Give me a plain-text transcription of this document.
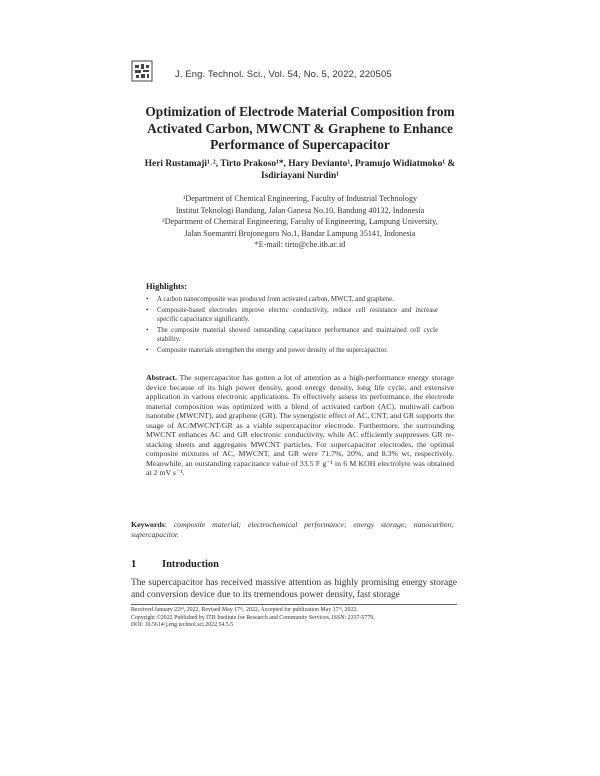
J. Eng. Technol. Sci., Vol. 54, No. 5, 2022, 220505
Optimization of Electrode Material Composition from
Activated Carbon, MWCNT & Graphene to Enhance
Performance of Supercapacitor
Heri Rustamaji¹˒², Tirto Prakoso¹*, Hary Devianto¹, Pramujo Widiatmoko¹ &
Isdiriayani Nurdin¹
¹Department of Chemical Engineering, Faculty of Industrial Technology
Institut Teknologi Bandung, Jalan Ganesa No.10, Bandung 40132, Indonesia
²Department of Chemical Engineering, Faculty of Engineering, Lampung University,
Jalan Soemantri Brojonegoro No.1, Bandar Lampung 35141, Indonesia
*E-mail: tirto@che.itb.ac.id
Highlights:
• A carbon nanocomposite was produced from activated carbon, MWCT, and graphene.
• Composite-based electrodes improve electric conductivity, reduce cell resistance and increase specific capacitance significantly.
• The composite material showed outstanding capacitance performance and maintained cell cycle stability.
• Composite materials strengthen the energy and power density of the supercapacitor.
Abstract. The supercapacitor has gotten a lot of attention as a high-performance energy storage device because of its high power density, good energy density, long life cycle, and extensive application in various electronic applications. To effectively assess its performance, the electrode material composition was optimized with a blend of activated carbon (AC), multiwall carbon nanotube (MWCNT), and graphene (GR). The synergistic effect of AC, CNT, and GR supports the usage of AC/MWCNT/GR as a viable supercapacitor electrode. Furthermore, the surrounding MWCNT enhances AC and GR electronic conductivity, while AC efficiently suppresses GR re-stacking sheets and aggregates MWCNT particles. For supercapacitor electrodes, the optimal composite mixtures of AC, MWCNT, and GR were 71.7%, 20%, and 8.3% wt, respectively. Meanwhile, an outstanding capacitance value of 33.5 F g⁻¹ in 6 M KOH electrolyte was obtained at 2 mV s⁻¹.
Keywords: composite material; electrochemical performance; energy storage; nanocarbon; supercapacitor.
1 Introduction
The supercapacitor has received massive attention as highly promising energy storage and conversion device due to its tremendous power density, fast storage
Received January 22ⁿᵈ, 2022, Revised May 17ᵗʰ, 2022, Accepted for publication May 17ᵗʰ, 2022.
Copyright ©2022 Published by ITB Institute for Research and Community Services, ISSN: 2337-5779,
DOI: 10.5614/j.eng.technol.sci.2022.54.5.5
